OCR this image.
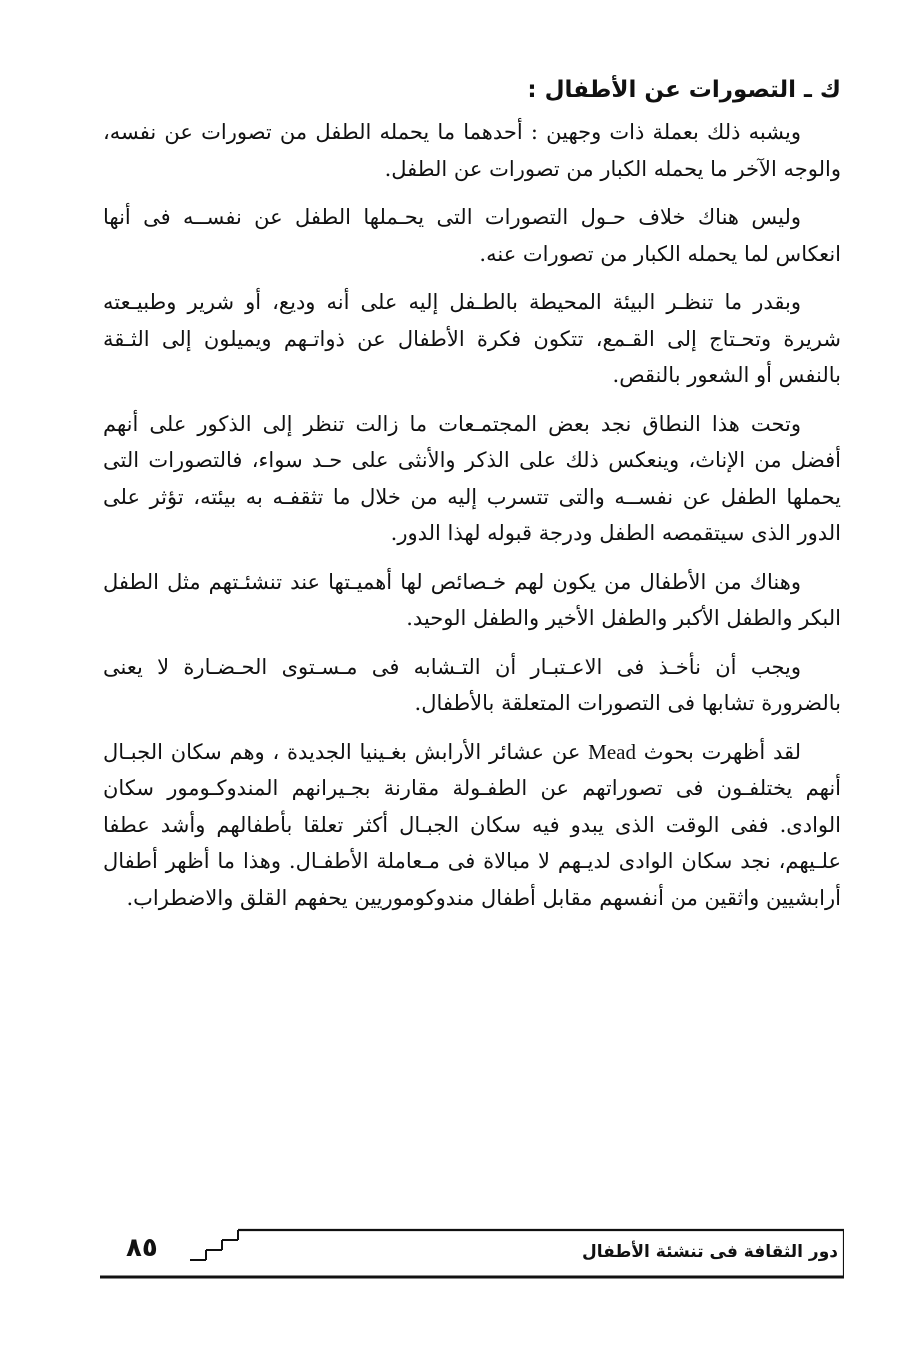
ك ـ التصورات عن الأطفال :

ويشبه ذلك بعملة ذات وجهين : أحدهما ما يحمله الطفل من تصورات عن نفسه، والوجه الآخر ما يحمله الكبار من تصورات عن الطفل.

وليس هناك خلاف حـول التصورات التى يحـملها الطفل عن نفســه فى أنها انعكاس لما يحمله الكبار من تصورات عنه.

وبقدر ما تنظـر البيئة المحيطة بالطـفل إليه على أنه وديع، أو شرير وطبيـعته شريرة وتحـتاج إلى القـمع، تتكون فكرة الأطفال عن ذواتـهم ويميلون إلى الثـقة بالنفس أو الشعور بالنقص.

وتحت هذا النطاق نجد بعض المجتمـعات ما زالت تنظر إلى الذكور على أنهم أفضل من الإناث، وينعكس ذلك على الذكر والأنثى على حـد سواء، فالتصورات التى يحملها الطفل عن نفســه والتى تتسرب إليه من خلال ما تثقفـه به بيئته، تؤثر على الدور الذى سيتقمصه الطفل ودرجة قبوله لهذا الدور.

وهناك من الأطفال من يكون لهم خـصائص لها أهميـتها عند تنشئـتهم مثل الطفل البكر والطفل الأكبر والطفل الأخير والطفل الوحيد.

ويجب أن نأخـذ فى الاعـتبـار أن التـشابه فى مـسـتوى الحـضـارة لا يعنى بالضرورة تشابها فى التصورات المتعلقة بالأطفال.

لقد أظهرت بحوث Mead عن عشائر الأرابش بغـينيا الجديدة ، وهم سكان الجبـال أنهم يختلفـون فى تصوراتهم عن الطفـولة مقارنة بجـيرانهم المندوكـومور سكان الوادى. ففى الوقت الذى يبدو فيه سكان الجبـال أكثر تعلقا بأطفالهم وأشد عطفا علـيهم، نجد سكان الوادى لديـهم لا مبالاة فى مـعاملة الأطفـال. وهذا ما أظهر أطفال أرابشيين واثقين من أنفسهم مقابل أطفال مندوكوموريين يحفهم القلق والاضطراب.

٨٥	دور الثقافة فى تنشئة الأطفال
